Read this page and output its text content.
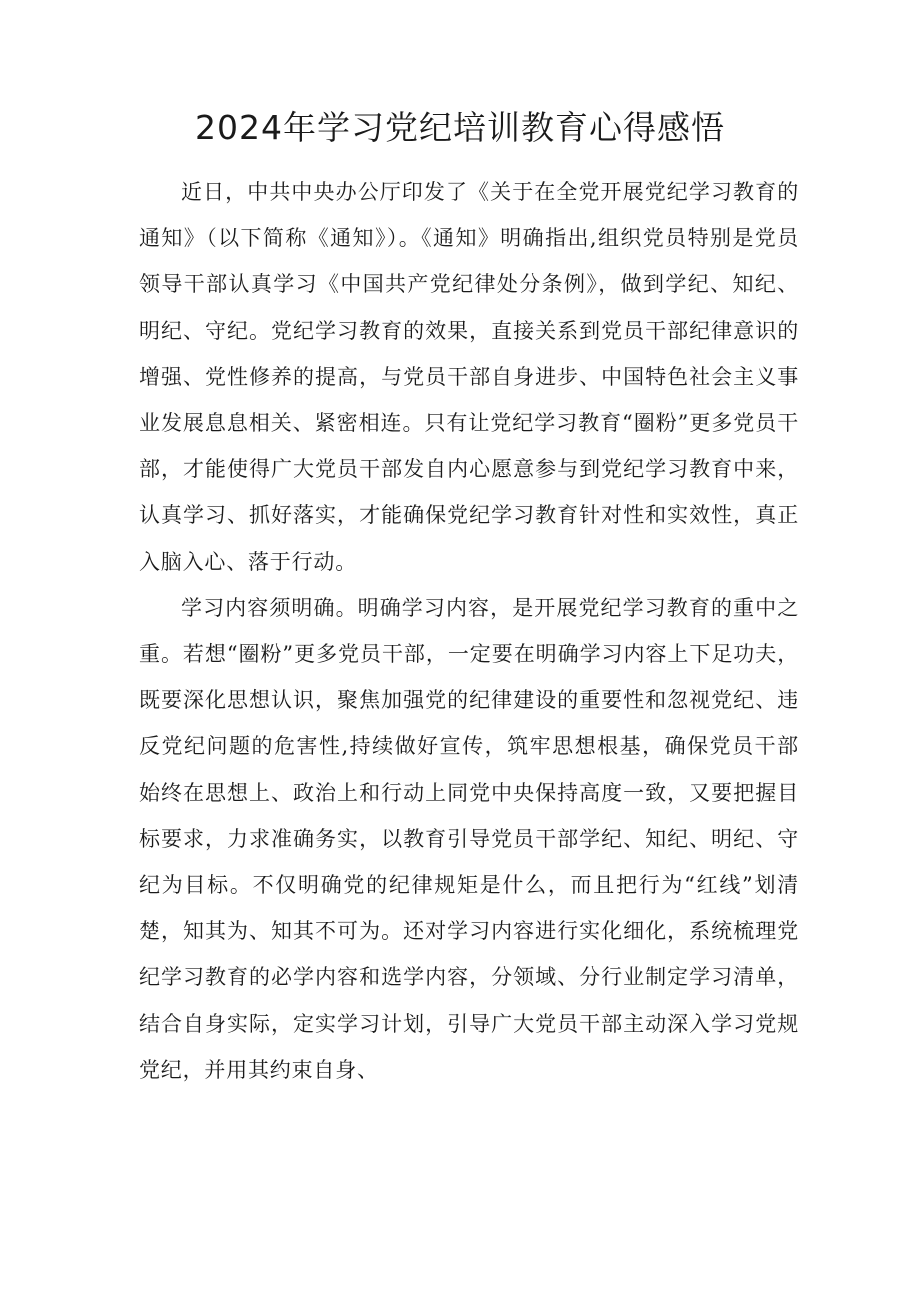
2024年学习党纪培训教育心得感悟

近日，中共中央办公厅印发了《关于在全党开展党纪学习教育的通知》（以下简称《通知》）。《通知》明确指出,组织党员特别是党员领导干部认真学习《中国共产党纪律处分条例》，做到学纪、知纪、明纪、守纪。党纪学习教育的效果，直接关系到党员干部纪律意识的增强、党性修养的提高，与党员干部自身进步、中国特色社会主义事业发展息息相关、紧密相连。只有让党纪学习教育“圈粉”更多党员干部，才能使得广大党员干部发自内心愿意参与到党纪学习教育中来，认真学习、抓好落实，才能确保党纪学习教育针对性和实效性，真正入脑入心、落于行动。

学习内容须明确。明确学习内容，是开展党纪学习教育的重中之重。若想“圈粉”更多党员干部，一定要在明确学习内容上下足功夫，既要深化思想认识，聚焦加强党的纪律建设的重要性和忽视党纪、违反党纪问题的危害性,持续做好宣传，筑牢思想根基，确保党员干部始终在思想上、政治上和行动上同党中央保持高度一致，又要把握目标要求，力求准确务实，以教育引导党员干部学纪、知纪、明纪、守纪为目标。不仅明确党的纪律规矩是什么，而且把行为“红线”划清楚，知其为、知其不可为。还对学习内容进行实化细化，系统梳理党纪学习教育的必学内容和选学内容，分领域、分行业制定学习清单，结合自身实际，定实学习计划，引导广大党员干部主动深入学习党规党纪，并用其约束自身、
